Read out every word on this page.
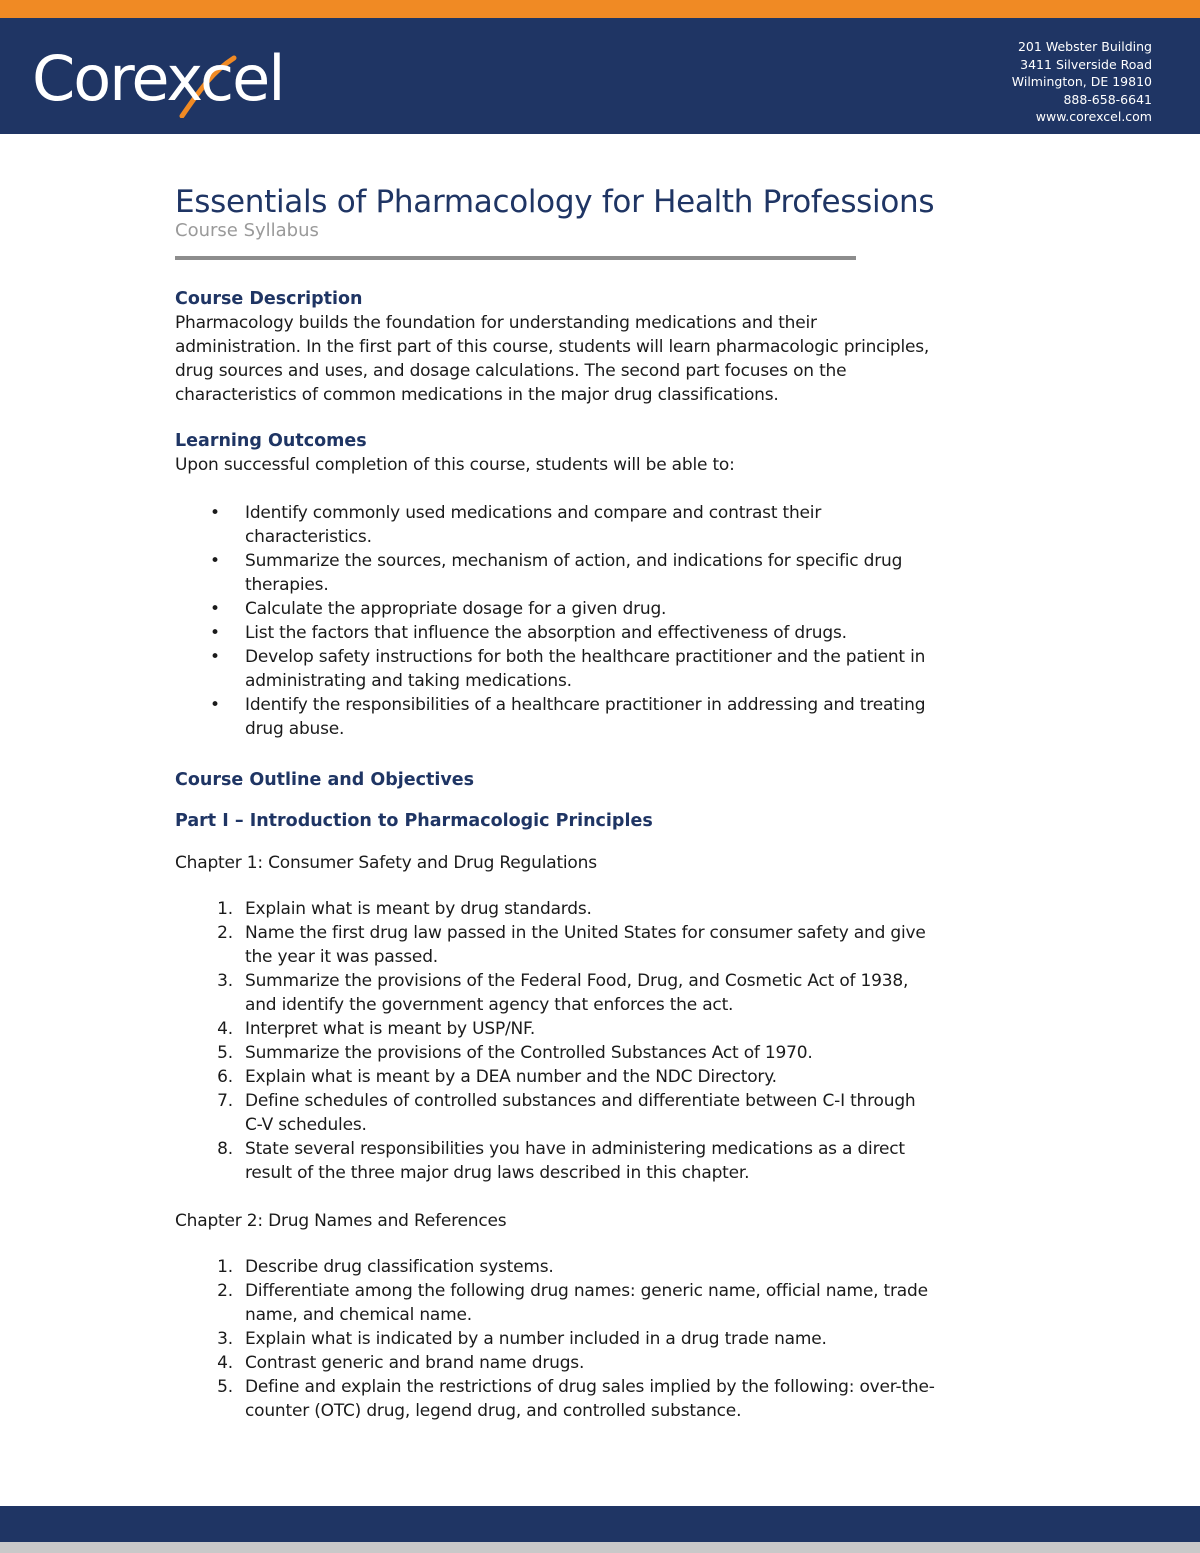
Corexcel	201 Webster Building
3411 Silverside Road
Wilmington, DE 19810
888-658-6641
www.corexcel.com
Essentials of Pharmacology for Health Professions
Course Syllabus
Course Description
Pharmacology builds the foundation for understanding medications and their
administration. In the first part of this course, students will learn pharmacologic principles,
drug sources and uses, and dosage calculations. The second part focuses on the
characteristics of common medications in the major drug classifications.
Learning Outcomes
Upon successful completion of this course, students will be able to:
• Identify commonly used medications and compare and contrast their
characteristics.
• Summarize the sources, mechanism of action, and indications for specific drug
therapies.
• Calculate the appropriate dosage for a given drug.
• List the factors that influence the absorption and effectiveness of drugs.
• Develop safety instructions for both the healthcare practitioner and the patient in
administrating and taking medications.
• Identify the responsibilities of a healthcare practitioner in addressing and treating
drug abuse.
Course Outline and Objectives
Part I – Introduction to Pharmacologic Principles
Chapter 1: Consumer Safety and Drug Regulations
1. Explain what is meant by drug standards.
2. Name the first drug law passed in the United States for consumer safety and give
the year it was passed.
3. Summarize the provisions of the Federal Food, Drug, and Cosmetic Act of 1938,
and identify the government agency that enforces the act.
4. Interpret what is meant by USP/NF.
5. Summarize the provisions of the Controlled Substances Act of 1970.
6. Explain what is meant by a DEA number and the NDC Directory.
7. Define schedules of controlled substances and differentiate between C-I through
C-V schedules.
8. State several responsibilities you have in administering medications as a direct
result of the three major drug laws described in this chapter.
Chapter 2: Drug Names and References
1. Describe drug classification systems.
2. Differentiate among the following drug names: generic name, official name, trade
name, and chemical name.
3. Explain what is indicated by a number included in a drug trade name.
4. Contrast generic and brand name drugs.
5. Define and explain the restrictions of drug sales implied by the following: over-the-
counter (OTC) drug, legend drug, and controlled substance.
